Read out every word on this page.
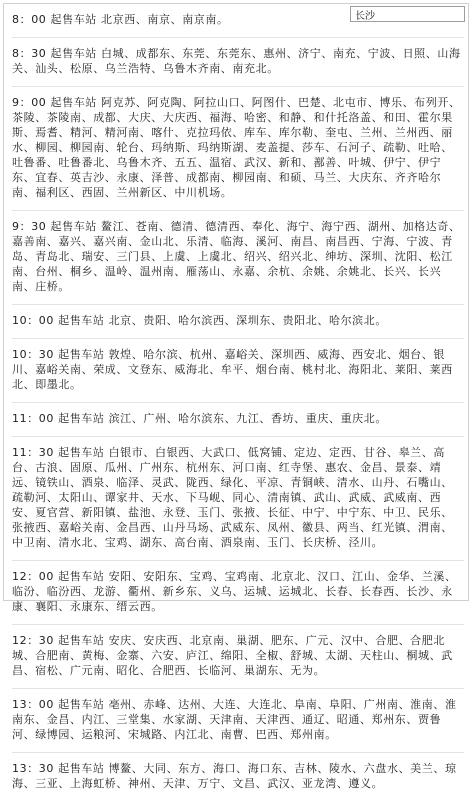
长沙

8：00 起售车站 北京西、南京、南京南。

8：30 起售车站 白城、成都东、东莞、东莞东、惠州、济宁、南充、宁波、日照、山海关、汕头、松原、乌兰浩特、乌鲁木齐南、南充北。

9：00 起售车站 阿克苏、阿克陶、阿拉山口、阿图什、巴楚、北屯市、博乐、布列开、茶陵、茶陵南、成都、大庆、大庆西、福海、哈密、和静、和什托洛盖、和田、霍尔果斯、焉耆、精河、精河南、喀什、克拉玛依、库车、库尔勒、奎屯、兰州、兰州西、丽水、柳园、柳园南、轮台、玛纳斯、玛纳斯湖、麦盖提、莎车、石河子、疏勒、吐哈、吐鲁番、吐鲁番北、乌鲁木齐、五五、温宿、武汉、新和、鄯善、叶城、伊宁、伊宁东、宜春、英吉沙、永康、泽普、成都南、柳园南、和硕、马兰、大庆东、齐齐哈尔南、福利区、西固、兰州新区、中川机场。

9：30 起售车站 鳌江、苍南、德清、德清西、奉化、海宁、海宁西、湖州、加格达奇、嘉善南、嘉兴、嘉兴南、金山北、乐清、临海、溪河、南昌、南昌西、宁海、宁波、青岛、青岛北、瑞安、三门县、上虞、上虞北、绍兴、绍兴北、绅坊、深圳、沈阳、松江南、台州、桐乡、温岭、温州南、雁荡山、永嘉、余杭、余姚、余姚北、长兴、长兴南、庄桥。

10：00 起售车站 北京、贵阳、哈尔滨西、深圳东、贵阳北、哈尔滨北。

10：30 起售车站 敦煌、哈尔滨、杭州、嘉峪关、深圳西、威海、西安北、烟台、银川、嘉峪关南、荣成、文登东、威海北、牟平、烟台南、桃村北、海阳北、莱阳、莱西北、即墨北。

11：00 起售车站 滨江、广州、哈尔滨东、九江、香坊、重庆、重庆北。

11：30 起售车站 白银市、白银西、大武口、低窝铺、定边、定西、甘谷、皋兰、高台、古浪、固原、瓜州、广州东、杭州东、河口南、红寺堡、惠农、金昌、景泰、靖远、镜铁山、酒泉、临泽、灵武、陇西、绿化、平凉、青铜峡、清水、山丹、石嘴山、疏勒河、太阳山、谭家井、天水、下马岘、同心、清南镇、武山、武威、武威南、西安、夏官营、新阳镇、盐池、永登、玉门、张掖、长征、中宁、中宁东、中卫、民乐、张掖西、嘉峪关南、金昌西、山丹马场、武威东、凤州、徽县、两当、红光镇、渭南、中卫南、清水北、宝鸡、湖东、高台南、酒泉南、玉门、长庆桥、泾川。

12：00 起售车站 安阳、安阳东、宝鸡、宝鸡南、北京北、汉口、江山、金华、兰溪、临汾、临汾西、龙游、衢州、新乡东、义乌、运城、运城北、长春、长春西、长沙、永康、襄阳、永康东、缙云西。

12：30 起售车站 安庆、安庆西、北京南、巢湖、肥东、广元、汉中、合肥、合肥北城、合肥南、黄梅、金寨、六安、庐江、绵阳、全椒、舒城、太湖、天柱山、桐城、武昌、宿松、广元南、昭化、合肥西、长临河、巢湖东、无为。

13：00 起售车站 亳州、赤峰、达州、大连、大连北、阜南、阜阳、广州南、淮南、淮南东、金昌、内江、三堂集、水家湖、天津南、天津西、通辽、昭通、郑州东、贾鲁河、绿博园、运粮河、宋城路、内江北、南曹、巴西、郑州南。

13：30 起售车站 博鳌、大同、东方、海口、海口东、吉林、陵水、六盘水、美兰、琼海、三亚、上海虹桥、神州、天津、万宁、文昌、武汉、亚龙湾、遵义。
